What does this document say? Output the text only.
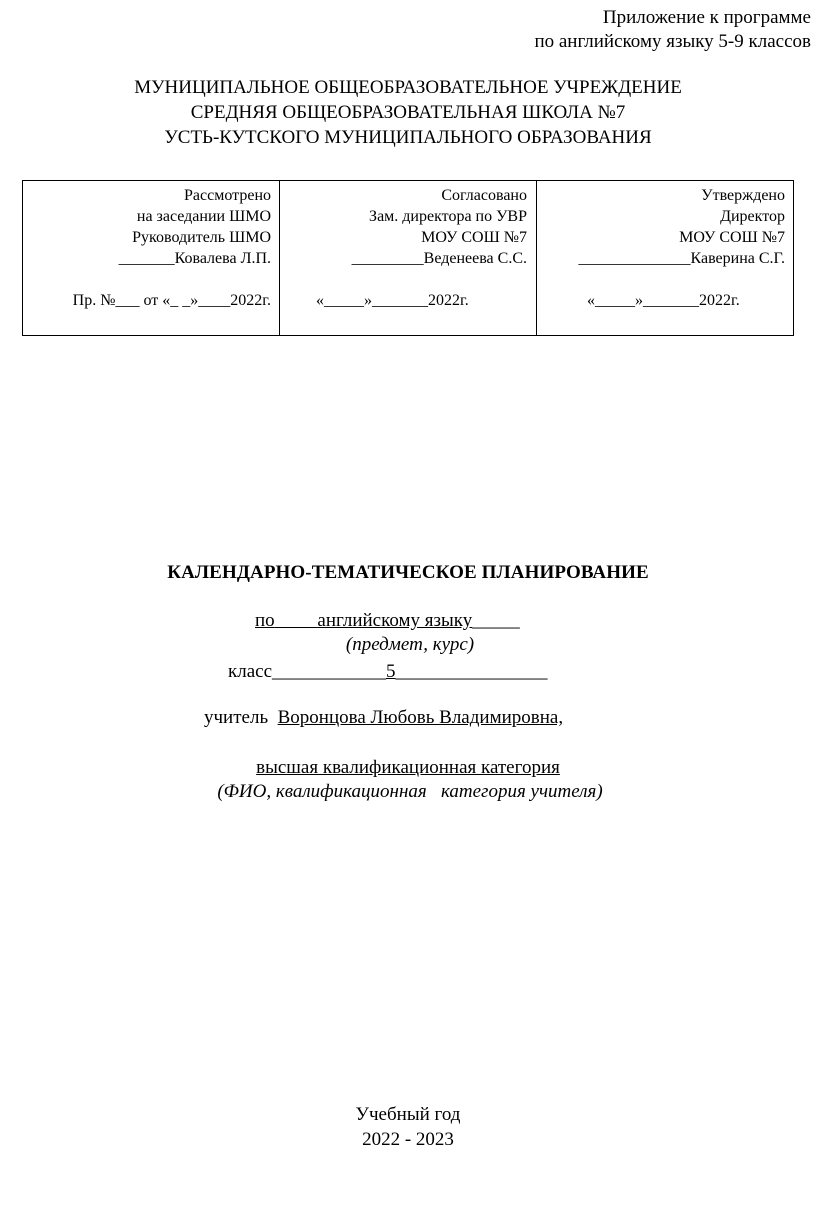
Приложение к программе
по английскому языку 5-9 классов
МУНИЦИПАЛЬНОЕ ОБЩЕОБРАЗОВАТЕЛЬНОЕ УЧРЕЖДЕНИЕ
СРЕДНЯЯ ОБЩЕОБРАЗОВАТЕЛЬНАЯ ШКОЛА №7
УСТЬ-КУТСКОГО МУНИЦИПАЛЬНОГО ОБРАЗОВАНИЯ
Рассмотрено
на заседании ШМО
Руководитель ШМО
_______Ковалева Л.П.
Пр. №___ от «_ _»____2022г.

Согласовано
Зам. директора по УВР
МОУ СОШ №7
_________Веденеева С.С.
«_____»_______2022г.

Утверждено
Директор
МОУ СОШ №7
______________Каверина С.Г.
«_____»_______2022г.
КАЛЕНДАРНО-ТЕМАТИЧЕСКОЕ ПЛАНИРОВАНИЕ
по английскому языку_____
(предмет, курс)
класс____________5________________
учитель Воронцова Любовь Владимировна,
высшая квалификационная категория
(ФИО, квалификационная   категория учителя)
Учебный год
2022 - 2023
